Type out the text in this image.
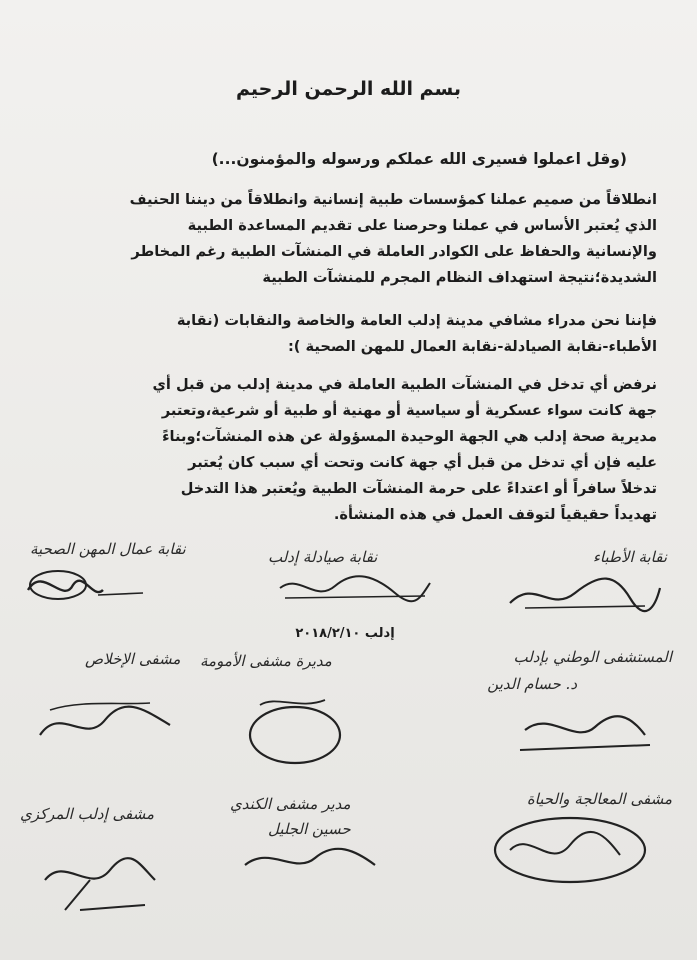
بسم الله الرحمن الرحيم
(وقل اعملوا فسيرى الله عملكم ورسوله والمؤمنون...)
انطلاقاً من صميم عملنا كمؤسسات طبية إنسانية وانطلاقاً من ديننا الحنيف
الذي يُعتبر الأساس في عملنا وحرصنا على تقديم المساعدة الطبية
والإنسانية والحفاظ على الكوادر العاملة في المنشآت الطبية رغم المخاطر
الشديدة؛نتيجة استهداف النظام المجرم للمنشآت الطبية
فإننا نحن مدراء مشافي مدينة إدلب العامة والخاصة والنقابات (نقابة
الأطباء-نقابة الصيادلة-نقابة العمال للمهن الصحية ):
نرفض أي تدخل في المنشآت الطبية العاملة في مدينة إدلب من قبل أي
جهة كانت سواء عسكرية أو سياسية أو مهنية أو طبية أو شرعية،وتعتبر
مديرية صحة إدلب هي الجهة الوحيدة المسؤولة عن هذه المنشآت؛وبناءً
عليه فإن أي تدخل من قبل أي جهة كانت وتحت أي سبب كان يُعتبر
تدخلاً سافراً أو اعتداءً على حرمة المنشآت الطبية ويُعتبر هذا التدخل
تهديداً حقيقياً لتوقف العمل في هذه المنشأة.
إدلب ٢٠١٨/٢/١٠
نقابة الأطباء
نقابة صيادلة إدلب
نقابة عمال المهن الصحية
المستشفى الوطني بإدلب
د. حسام الدين
مديرة مشفى الأمومة
مشفى الإخلاص
مشفى المعالجة والحياة
مدير مشفى الكندي
حسين الجليل
مشفى إدلب المركزي
